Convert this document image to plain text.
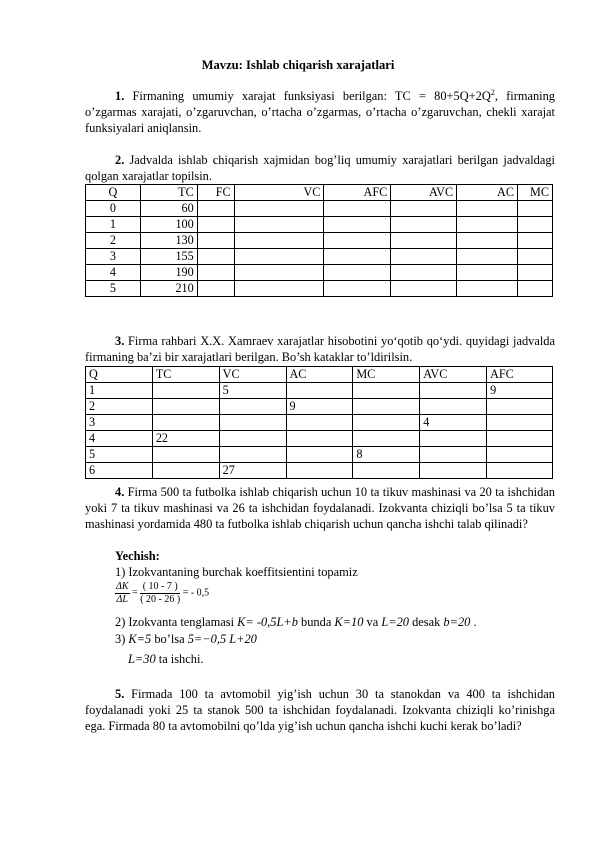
Mavzu: Ishlab chiqarish xarajatlari
1. Firmaning umumiy xarajat funksiyasi berilgan: TC = $80+5Q+2Q^2$, firmaning o’zgarmas xarajati, o’zgaruvchan, o’rtacha o’zgarmas, o’rtacha o’zgaruvchan, chekli xarajat funksiyalari aniqlansin.
2. Jadvalda ishlab chiqarish xajmidan bog’liq umumiy xarajatlari berilgan jadvaldagi qolgan xarajatlar topilsin.
Q	TC	FC	VC	AFC	AVC	AC	MC
0	60						
1	100						
2	130						
3	155						
4	190						
5	210						
3. Firma rahbari X.X. Xamraev xarajatlar hisobotini yo‘qotib qo‘ydi. quyidagi jadvalda firmaning ba’zi bir xarajatlari berilgan. Bo’sh kataklar to’ldirilsin.
Q	TC	VC	AC	MC	AVC	AFC
1		5				9
2			9			
3					4	
4	22					
5				8		
6		27				
4. Firma 500 ta futbolka ishlab chiqarish uchun 10 ta tikuv mashinasi va 20 ta ishchidan yoki 7 ta tikuv mashinasi va 26 ta ishchidan foydalanadi. Izokvanta chiziqli bo’lsa 5 ta tikuv mashinasi yordamida 480 ta futbolka ishlab chiqarish uchun qancha ishchi talab qilinadi?
Yechish:
1) Izokvantaning burchak koeffitsientini topamiz
$\frac{\Delta K}{\Delta L} = \frac{( 10 - 7 )}{( 20 - 26 )}$ = - 0,5
2) Izokvanta tenglamasi K= -0,5L+b bunda K=10 va L=20 desak b=20 .
3) K=5 bo’lsa 5=−0,5 L+20
L=30 ta ishchi.
5. Firmada 100 ta avtomobil yig’ish uchun 30 ta stanokdan va 400 ta ishchidan foydalanadi yoki 25 ta stanok 500 ta ishchidan foydalanadi. Izokvanta chiziqli ko’rinishga ega. Firmada 80 ta avtomobilni qo’lda yig’ish uchun qancha ishchi kuchi kerak bo’ladi?
